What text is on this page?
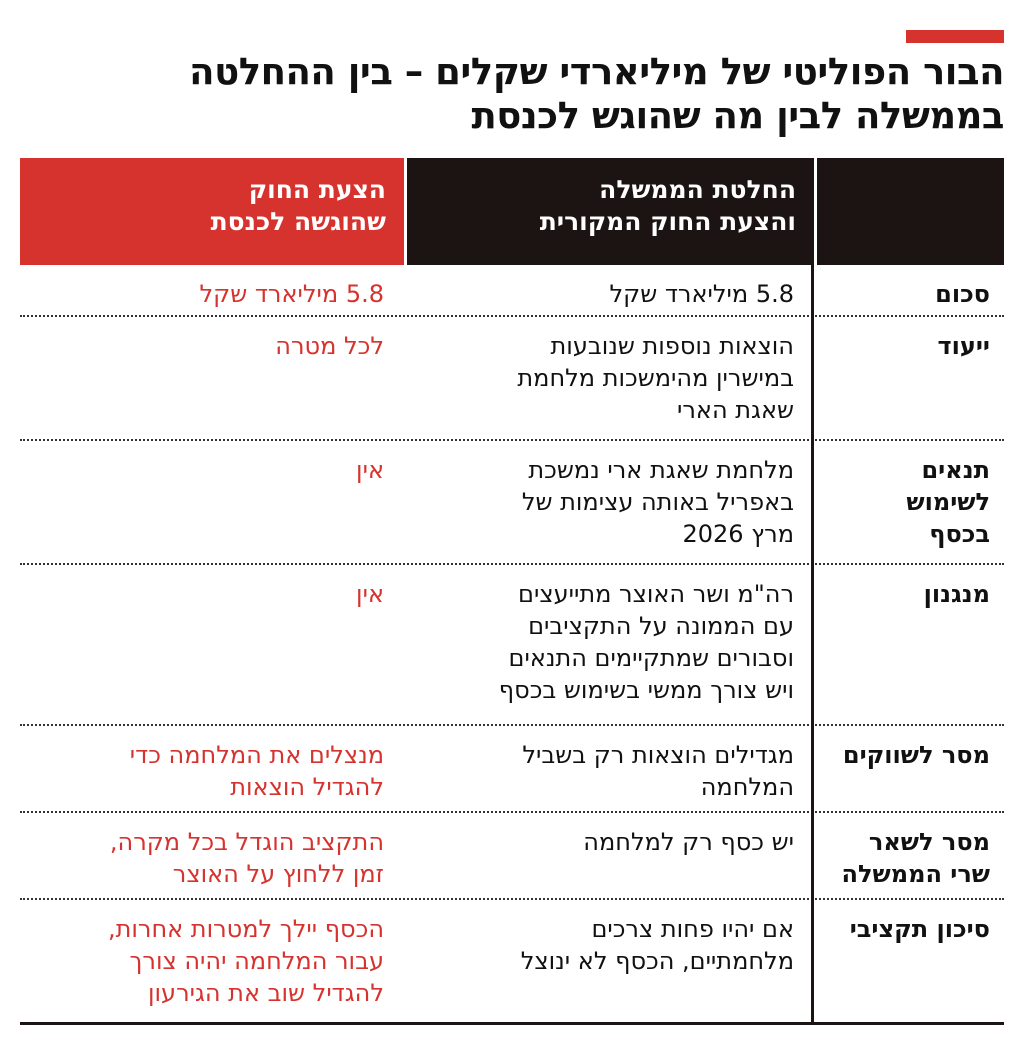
הבור הפוליטי של מיליארדי שקלים – בין ההחלטה
בממשלה לבין מה שהוגש לכנסת
החלטת הממשלה
והצעת החוק המקורית
הצעת החוק
שהוגשה לכנסת
סכום
5.8 מיליארד שקל
5.8 מיליארד שקל
ייעוד
הוצאות נוספות שנובעות
במישרין מהימשכות מלחמת
שאגת הארי
לכל מטרה
תנאים
לשימוש
בכסף
מלחמת שאגת ארי נמשכת
באפריל באותה עצימות של
מרץ 2026
אין
מנגנון
רה"מ ושר האוצר מתייעצים
עם הממונה על התקציבים
וסבורים שמתקיימים התנאים
ויש צורך ממשי בשימוש בכסף
אין
מסר לשווקים
מגדילים הוצאות רק בשביל
המלחמה
מנצלים את המלחמה כדי
להגדיל הוצאות
מסר לשאר
שרי הממשלה
יש כסף רק למלחמה
התקציב הוגדל בכל מקרה,
זמן ללחוץ על האוצר
סיכון תקציבי
אם יהיו פחות צרכים
מלחמתיים, הכסף לא ינוצל
הכסף יילך למטרות אחרות,
עבור המלחמה יהיה צורך
להגדיל שוב את הגירעון
